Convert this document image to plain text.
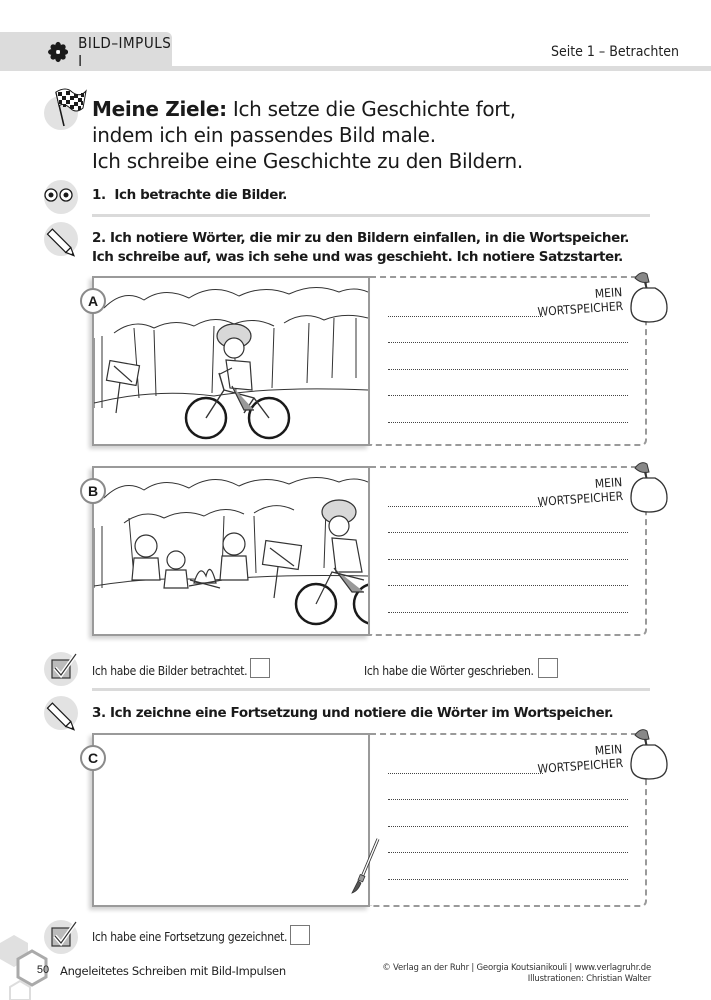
BILD–IMPULS I	Seite 1 – Betrachten
Meine Ziele: Ich setze die Geschichte fort,
indem ich ein passendes Bild male.
Ich schreibe eine Geschichte zu den Bildern.
1. Ich betrachte die Bilder.
2. Ich notiere Wörter, die mir zu den Bildern einfallen, in die Wortspeicher.
Ich schreibe auf, was ich sehe und was geschieht. Ich notiere Satzstarter.
A
MEIN
WORTSPEICHER
B
MEIN
WORTSPEICHER
Ich habe die Bilder betrachtet.	Ich habe die Wörter geschrieben.
3. Ich zeichne eine Fortsetzung und notiere die Wörter im Wortspeicher.
C
MEIN
WORTSPEICHER
Ich habe eine Fortsetzung gezeichnet.
50 Angeleitetes Schreiben mit Bild-Impulsen	© Verlag an der Ruhr | Georgia Koutsianikouli | www.verlagruhr.de
Illustrationen: Christian Walter
